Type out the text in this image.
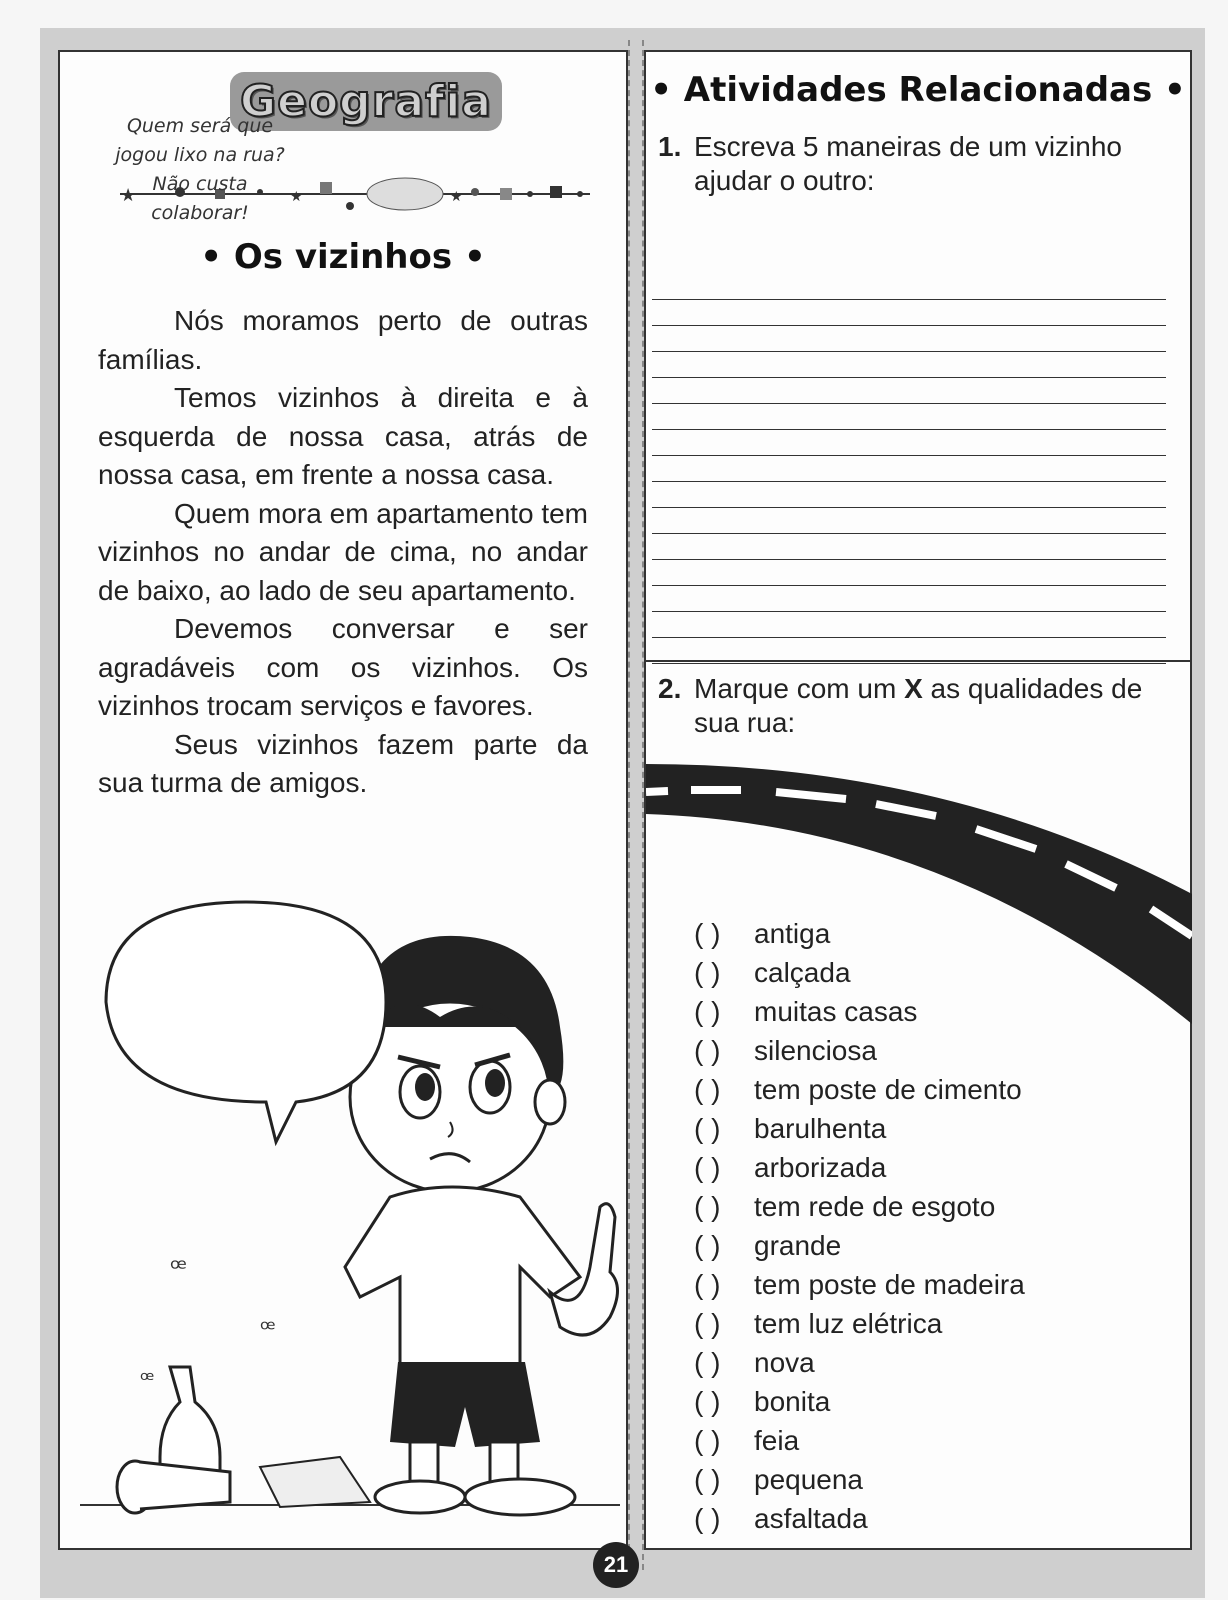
Geografia
★	★	★
• Os vizinhos •

Nós moramos perto de outras famílias.

Temos vizinhos à direita e à esquerda de nossa casa, atrás de nossa casa, em frente a nossa casa.

Quem mora em apartamento tem vizinhos no andar de cima, no andar de baixo, ao lado de seu apartamento.

Devemos conversar e ser agradáveis com os vizinhos. Os vizinhos trocam serviços e favores.

Seus vizinhos fazem parte da sua turma de amigos.

ꟹ
ꟹ
ꟹ
Quem será que jogou lixo na rua? Não custa colaborar!
• Atividades Relacionadas •
1. Escreva 5 maneiras de um vizinho ajudar o outro:
2. Marque com um X as qualidades de sua rua:
( ) antiga
( ) calçada
( ) muitas casas
( ) silenciosa
( ) tem poste de cimento
( ) barulhenta
( ) arborizada
( ) tem rede de esgoto
( ) grande
( ) tem poste de madeira
( ) tem luz elétrica
( ) nova
( ) bonita
( ) feia
( ) pequena
( ) asfaltada
21
